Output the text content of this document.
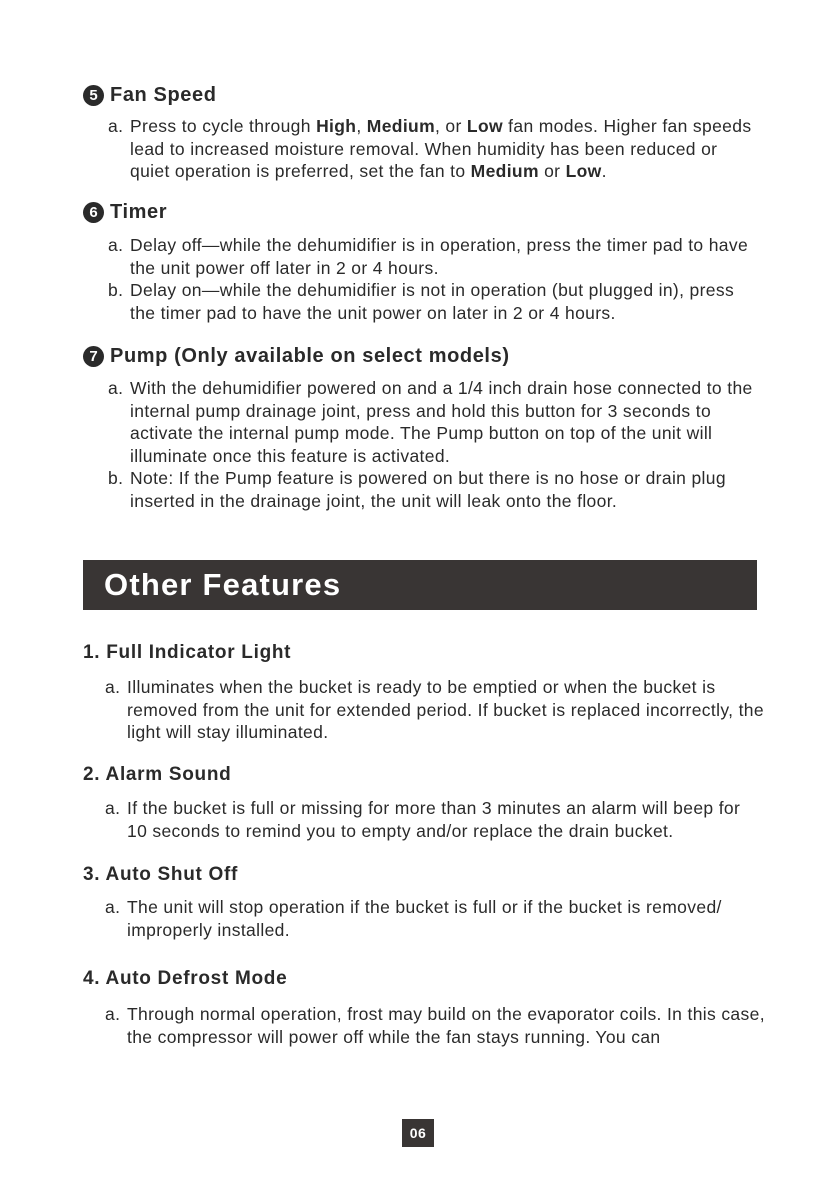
5 Fan Speed
a. Press to cycle through High, Medium, or Low fan modes. Higher fan speeds lead to increased moisture removal. When humidity has been reduced or quiet operation is preferred, set the fan to Medium or Low.
6 Timer
a. Delay off—while the dehumidifier is in operation, press the timer pad to have the unit power off later in 2 or 4 hours.
b. Delay on—while the dehumidifier is not in operation (but plugged in), press the timer pad to have the unit power on later in 2 or 4 hours.
7 Pump (Only available on select models)
a. With the dehumidifier powered on and a 1/4 inch drain hose connected to the internal pump drainage joint, press and hold this button for 3 seconds to activate the internal pump mode. The Pump button on top of the unit will illuminate once this feature is activated.
b. Note: If the Pump feature is powered on but there is no hose or drain plug inserted in the drainage joint, the unit will leak onto the floor.
Other Features
1. Full Indicator Light
a. Illuminates when the bucket is ready to be emptied or when the bucket is removed from the unit for extended period. If bucket is replaced incorrectly, the light will stay illuminated.
2. Alarm Sound
a. If the bucket is full or missing for more than 3 minutes an alarm will beep for 10 seconds to remind you to empty and/or replace the drain bucket.
3. Auto Shut Off
a. The unit will stop operation if the bucket is full or if the bucket is removed/ improperly installed.
4. Auto Defrost Mode
a. Through normal operation, frost may build on the evaporator coils. In this case, the compressor will power off while the fan stays running. You can
06
